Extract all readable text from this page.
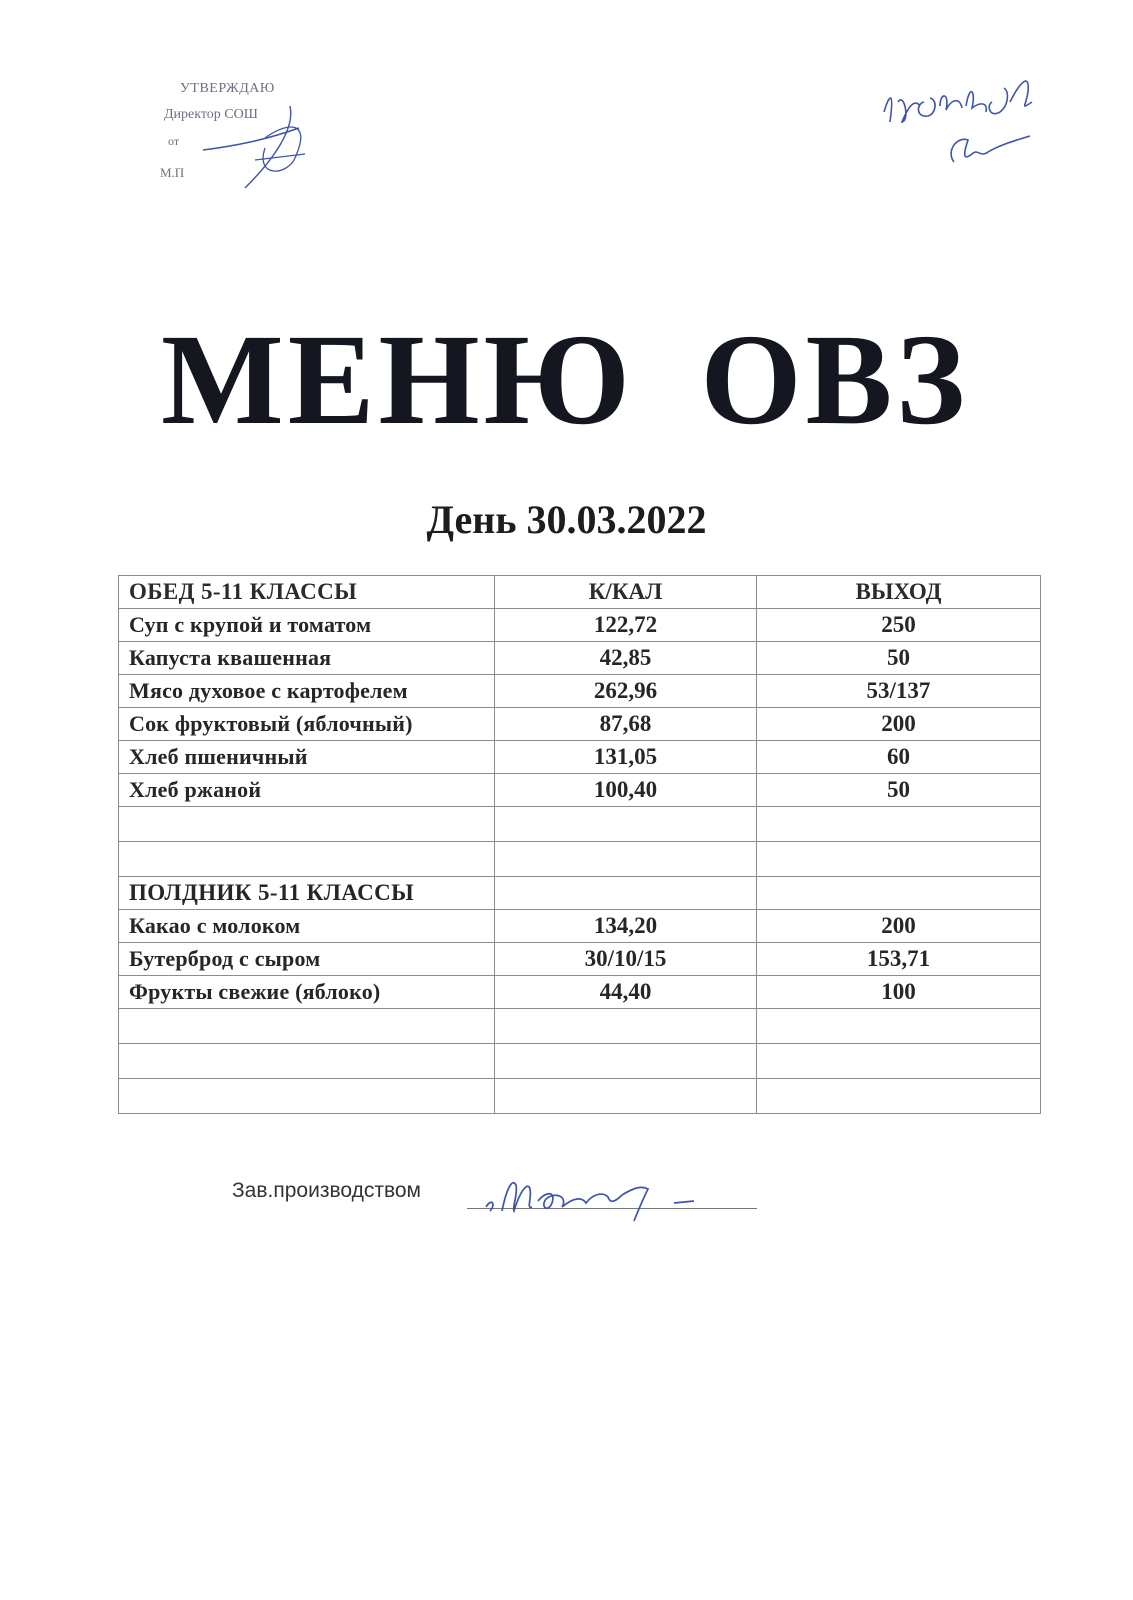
УТВЕРЖДАЮ
Директор СОШ
от
М.П
МЕНЮ ОВЗ
День 30.03.2022
ОБЕД 5-11 КЛАССЫ	К/КАЛ	ВЫХОД
Суп с крупой и томатом	122,72	250
Капуста квашенная	42,85	50
Мясо духовое с картофелем	262,96	53/137
Сок фруктовый (яблочный)	87,68	200
Хлеб пшеничный	131,05	60
Хлеб ржаной	100,40	50

ПОЛДНИК 5-11 КЛАССЫ		
Какао с молоком	134,20	200
Бутерброд с сыром	30/10/15	153,71
Фрукты свежие (яблоко)	44,40	100

Зав.производством
